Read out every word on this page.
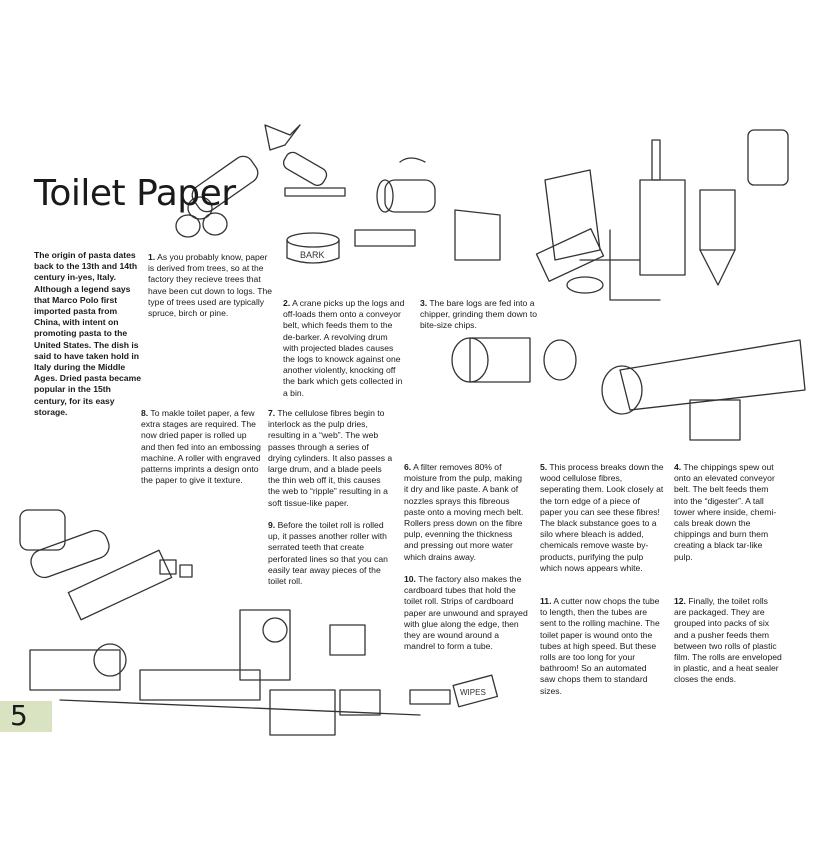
BARK
WIPES
Toilet Paper
The origin of pasta dates back to the 13th and 14th century in-yes, Italy. Although a legend says that Marco Polo first imported pasta from China, with intent on promoting pasta to the United States. The dish is said to have taken hold in Italy during the Middle Ages. Dried pasta became popular in the 15th century, for its easy storage.
1. As you probably know, paper is derived from trees, so at the factory they recieve trees that have been cut down to logs. The type of trees used are typically spruce, birch or pine.
2. A crane picks up the logs and off-loads them onto a conveyor belt, which feeds them to the de-barker. A revolving drum with projected blades causes the logs to knowck against one another violently, knocking off the bark which gets collected in a bin.
3. The bare logs are fed into a chipper, grinding them down to bite-size chips.
4. The chippings spew out onto an elevated conveyor belt. The belt feeds them into the “digester”. A tall tower where inside, chemi-cals break down the chippings and burn them creating a black tar-like pulp.
5. This process breaks down the wood cellulose fibres, seperating them. Look closely at the torn edge of a piece of paper you can see these fibres! The black substance goes to a silo where bleach is added, chemicals remove waste by-products, purifying the pulp which nows appears white.
6. A filter removes 80% of moisture from the pulp, making it dry and like paste. A bank of nozzles sprays this fibreous paste onto a moving mech belt. Rollers press down on the fibre pulp, evenning the thickness and pressing out more water which drains away.
7. The cellulose fibres begin to interlock as the pulp dries, resulting in a “web”. The web passes through a series of drying cylinders. It also passes a large drum, and a blade peels the thin web off it, this causes the web to “ripple” resulting in a soft tissue-like paper.
8. To makle toilet paper, a few extra stages are required. The now dried paper is rolled up and then fed into an embossing machine. A roller with engraved patterns imprints a design onto the paper to give it texture.
9. Before the toilet roll is rolled up, it passes another roller with serrated teeth that create perforated lines so that you can easily tear away pieces of the toilet roll.	10. The factory also makes the cardboard tubes that hold the toilet roll. Strips of cardboard paper are unwound and sprayed with glue along the edge, then they are wound around a mandrel to form a tube.
11. A cutter now chops the tube to length, then the tubes are sent to the rolling machine. The toilet paper is wound onto the tubes at high speed. But these rolls are too long for your bathroom! So an automated saw chops them to standard sizes.
12. Finally, the toilet rolls are packaged. They are grouped into packs of six and a pusher feeds them between two rolls of plastic film. The rolls are enveloped in plastic, and a heat sealer closes the ends.
5
